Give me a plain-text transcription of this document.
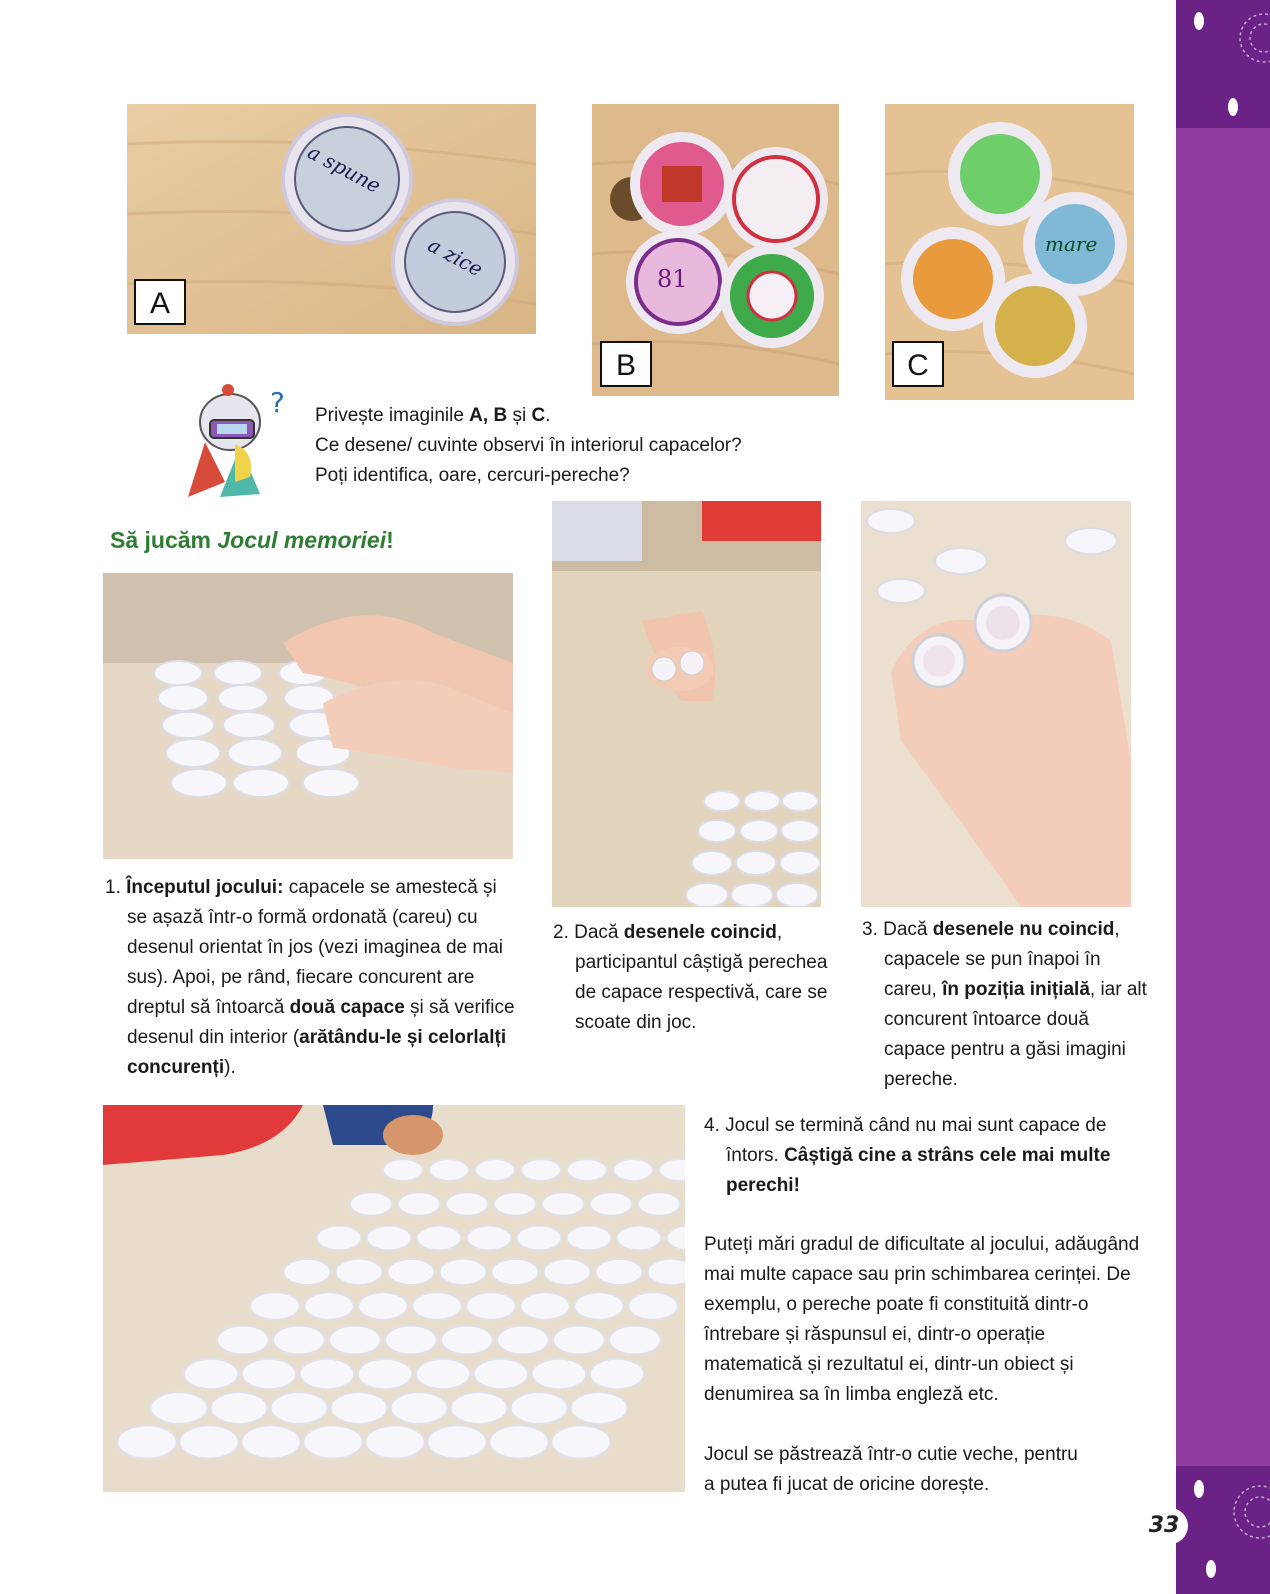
a spune
a zice
A
81
B
mare
C
? Privește imaginile A, B și C.
Ce desene/ cuvinte observi în interiorul capacelor?
Poți identifica, oare, cercuri-pereche?
Să jucăm Jocul memoriei!
1. Începutul jocului: capacele se amestecă și se așază într-o formă ordonată (careu) cu desenul orientat în jos (vezi imaginea de mai sus). Apoi, pe rând, fiecare concurent are dreptul să întoarcă două capace și să verifice desenul din interior (arătându-le și celorlalți concurenți).
2. Dacă desenele coincid, participantul câștigă perechea de capace respectivă, care se scoate din joc.
3. Dacă desenele nu coincid, capacele se pun înapoi în careu, în poziția inițială, iar alt concurent întoarce două capace pentru a găsi imagini pereche.
4. Jocul se termină când nu mai sunt capace de întors. Câștigă cine a strâns cele mai multe perechi!
Puteți mări gradul de dificultate al jocului, adăugând mai multe capace sau prin schimbarea cerinței. De exemplu, o pereche poate fi constituită dintr-o întrebare și răspunsul ei, dintr-o operație matematică și rezultatul ei, dintr-un obiect și denumirea sa în limba engleză etc.
Jocul se păstrează într-o cutie veche, pentru a putea fi jucat de oricine dorește.
33
